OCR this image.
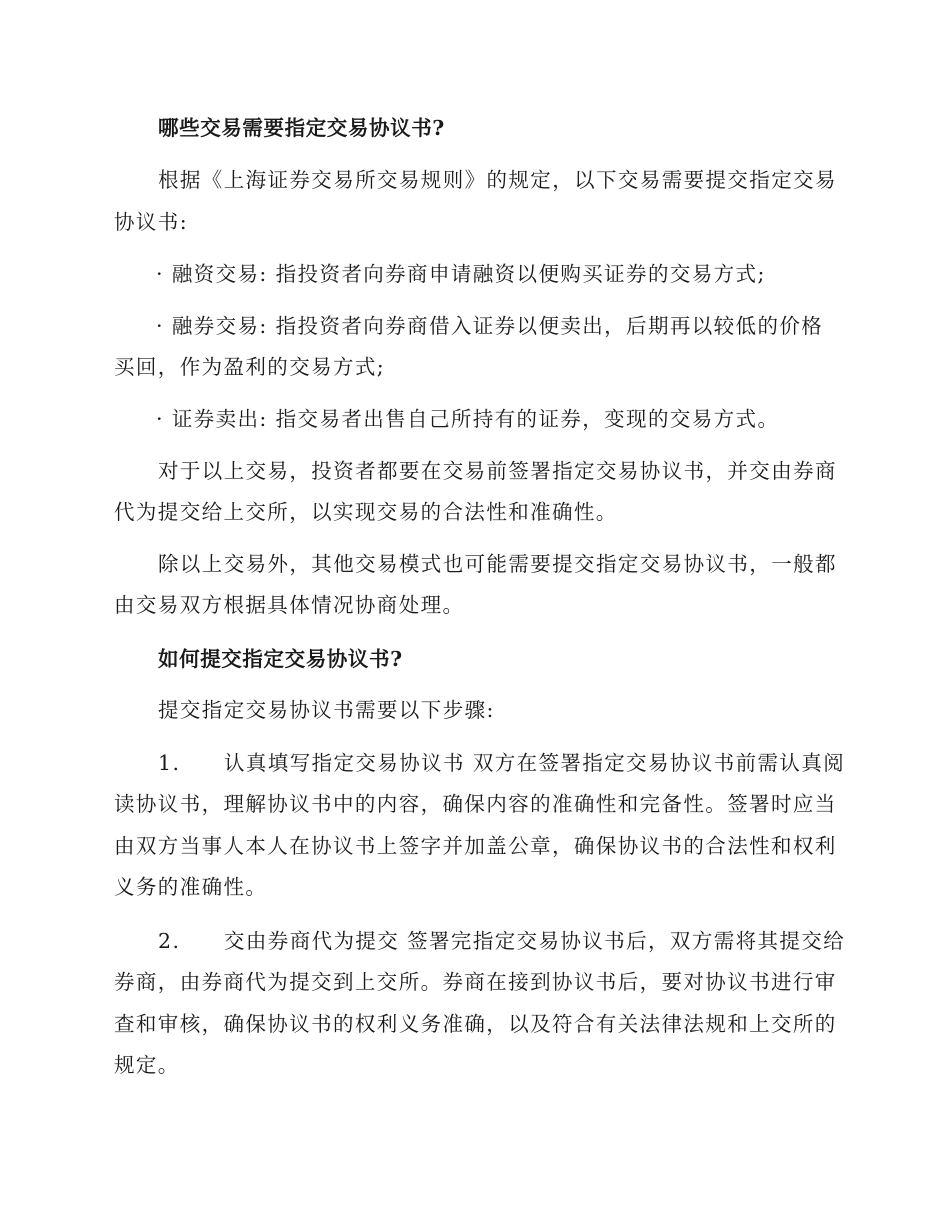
哪些交易需要指定交易协议书?
根据《上海证券交易所交易规则》的规定，以下交易需要提交指定交易
协议书:
· 融资交易: 指投资者向券商申请融资以便购买证券的交易方式;
· 融券交易: 指投资者向券商借入证券以便卖出，后期再以较低的价格
买回，作为盈利的交易方式;
· 证券卖出: 指交易者出售自己所持有的证券，变现的交易方式。
对于以上交易，投资者都要在交易前签署指定交易协议书，并交由券商
代为提交给上交所，以实现交易的合法性和准确性。
除以上交易外，其他交易模式也可能需要提交指定交易协议书，一般都
由交易双方根据具体情况协商处理。
如何提交指定交易协议书?
提交指定交易协议书需要以下步骤:
1. 认真填写指定交易协议书 双方在签署指定交易协议书前需认真阅
读协议书，理解协议书中的内容，确保内容的准确性和完备性。签署时应当
由双方当事人本人在协议书上签字并加盖公章，确保协议书的合法性和权利
义务的准确性。
2. 交由券商代为提交 签署完指定交易协议书后，双方需将其提交给
券商，由券商代为提交到上交所。券商在接到协议书后，要对协议书进行审
查和审核，确保协议书的权利义务准确，以及符合有关法律法规和上交所的
规定。
